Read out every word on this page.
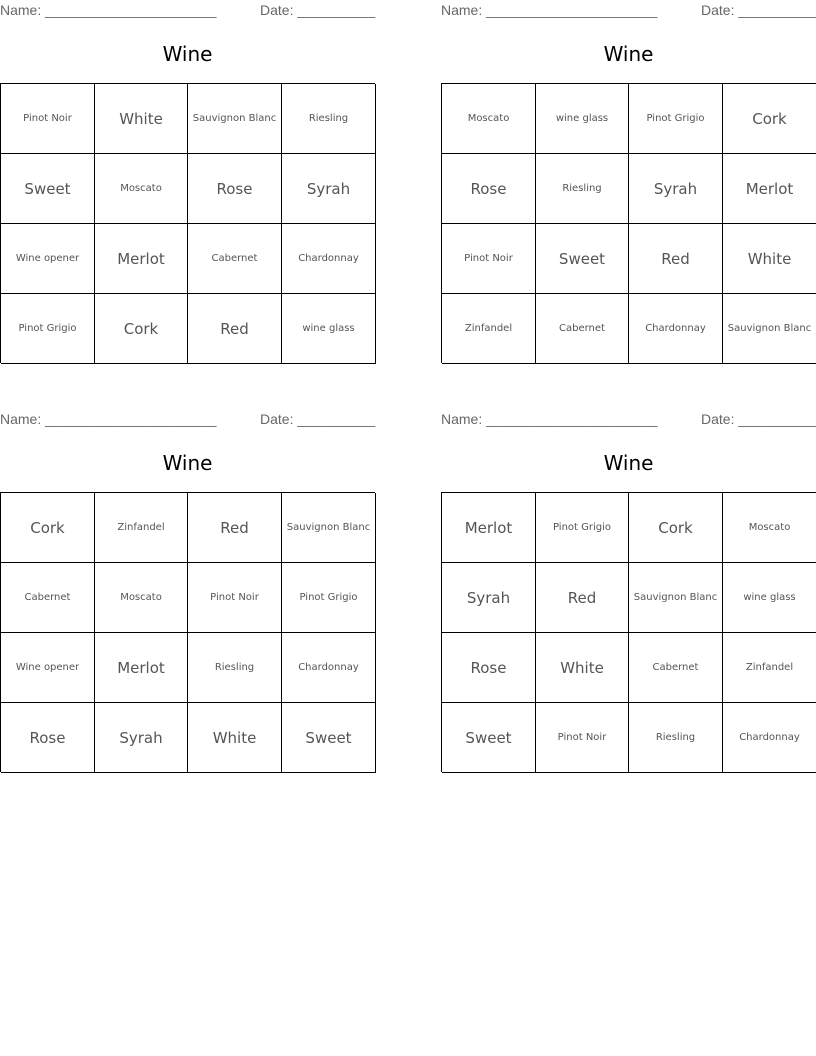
Name: ______________________	Date: __________
Wine
Pinot Noir	White	Sauvignon Blanc	Riesling
Sweet	Moscato	Rose	Syrah
Wine opener	Merlot	Cabernet	Chardonnay
Pinot Grigio	Cork	Red	wine glass
Name: ______________________	Date: __________
Wine
Moscato	wine glass	Pinot Grigio	Cork
Rose	Riesling	Syrah	Merlot
Pinot Noir	Sweet	Red	White
Zinfandel	Cabernet	Chardonnay	Sauvignon Blanc
Name: ______________________	Date: __________
Wine
Cork	Zinfandel	Red	Sauvignon Blanc
Cabernet	Moscato	Pinot Noir	Pinot Grigio
Wine opener	Merlot	Riesling	Chardonnay
Rose	Syrah	White	Sweet
Name: ______________________	Date: __________
Wine
Merlot	Pinot Grigio	Cork	Moscato
Syrah	Red	Sauvignon Blanc	wine glass
Rose	White	Cabernet	Zinfandel
Sweet	Pinot Noir	Riesling	Chardonnay
